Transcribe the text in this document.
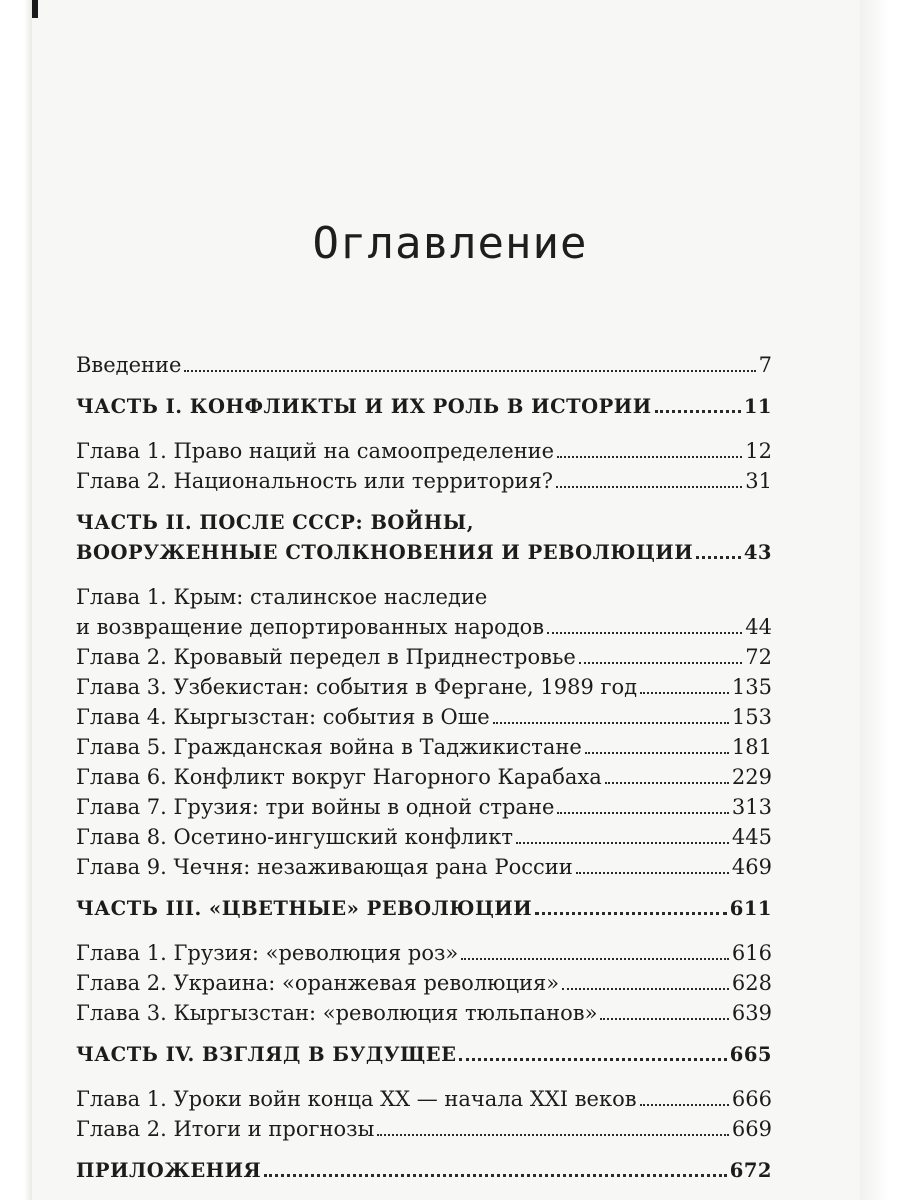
Оглавление
Введение	7
ЧАСТЬ I. КОНФЛИКТЫ И ИХ РОЛЬ В ИСТОРИИ	11
Глава 1. Право наций на самоопределение	12
Глава 2. Национальность или территория?	31
ЧАСТЬ II. ПОСЛЕ СССР: ВОЙНЫ,
ВООРУЖЕННЫЕ СТОЛКНОВЕНИЯ И РЕВОЛЮЦИИ	43
Глава 1. Крым: сталинское наследие
и возвращение депортированных народов	44
Глава 2. Кровавый передел в Приднестровье	72
Глава 3. Узбекистан: события в Фергане, 1989 год	135
Глава 4. Кыргызстан: события в Оше	153
Глава 5. Гражданская война в Таджикистане	181
Глава 6. Конфликт вокруг Нагорного Карабаха	229
Глава 7. Грузия: три войны в одной стране	313
Глава 8. Осетино-ингушский конфликт	445
Глава 9. Чечня: незаживающая рана России	469
ЧАСТЬ III. «ЦВЕТНЫЕ» РЕВОЛЮЦИИ	611
Глава 1. Грузия: «революция роз»	616
Глава 2. Украина: «оранжевая революция»	628
Глава 3. Кыргызстан: «революция тюльпанов»	639
ЧАСТЬ IV. ВЗГЛЯД В БУДУЩЕЕ	665
Глава 1. Уроки войн конца XX — начала XXI веков	666
Глава 2. Итоги и прогнозы	669
ПРИЛОЖЕНИЯ	672
